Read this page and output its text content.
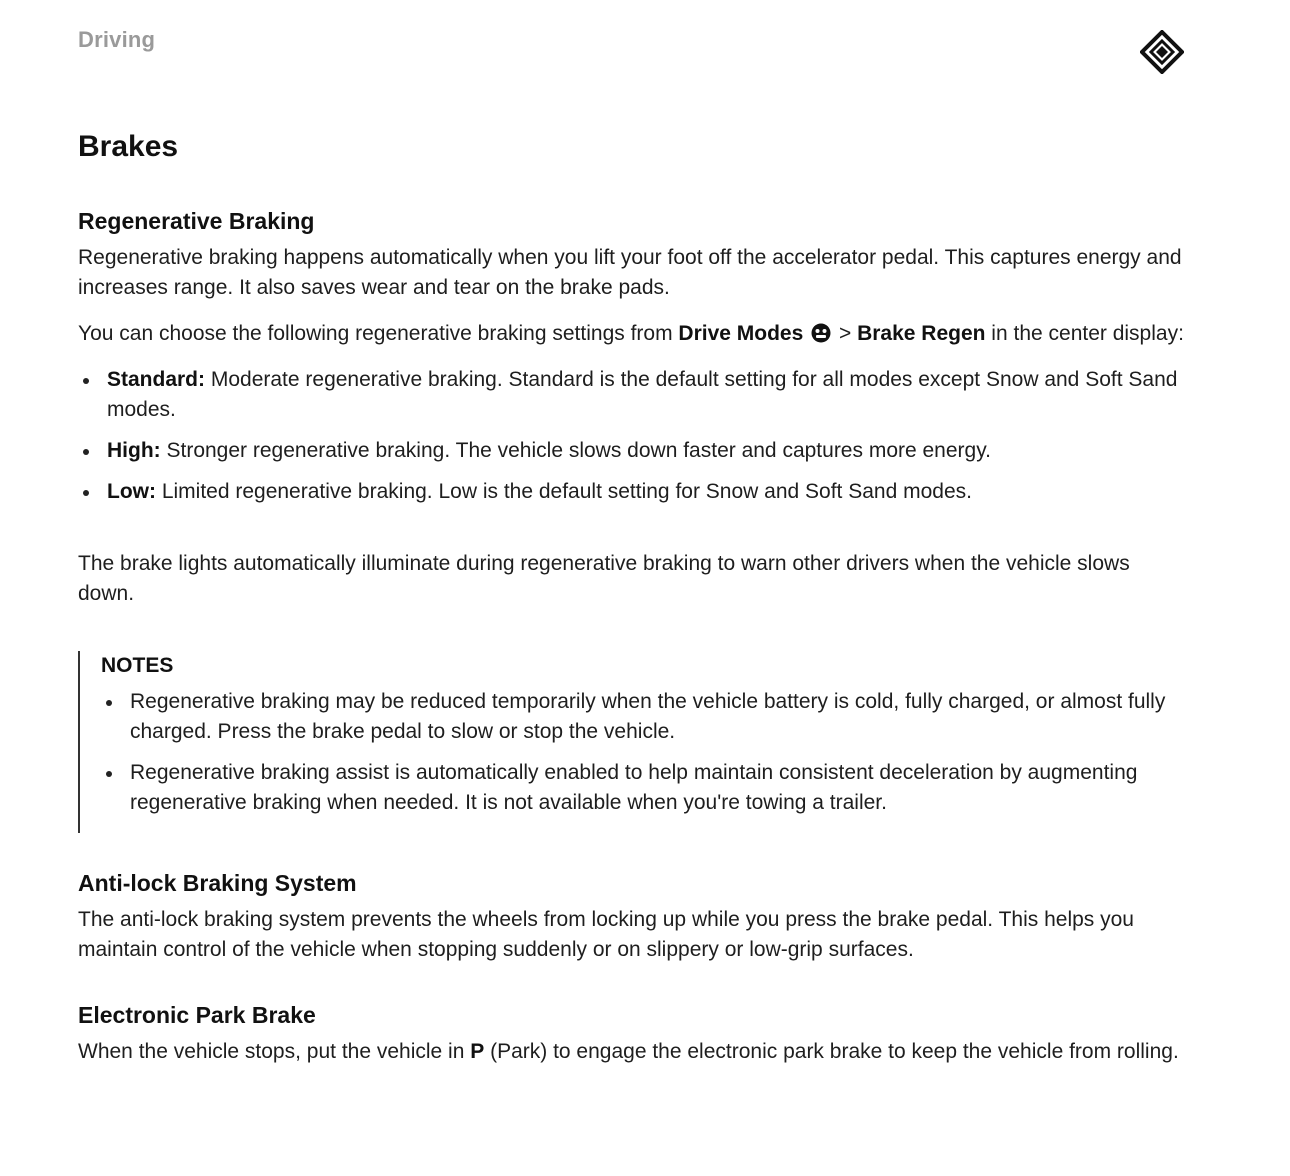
Driving
Brakes
Regenerative Braking

Regenerative braking happens automatically when you lift your foot off the accelerator pedal. This captures energy and increases range. It also saves wear and tear on the brake pads.

You can choose the following regenerative braking settings from Drive Modes  > Brake Regen in the center display:

Standard: Moderate regenerative braking. Standard is the default setting for all modes except Snow and Soft Sand modes.
High: Stronger regenerative braking. The vehicle slows down faster and captures more energy.
Low: Limited regenerative braking. Low is the default setting for Snow and Soft Sand modes.

The brake lights automatically illuminate during regenerative braking to warn other drivers when the vehicle slows down.

NOTES
Regenerative braking may be reduced temporarily when the vehicle battery is cold, fully charged, or almost fully charged. Press the brake pedal to slow or stop the vehicle.
Regenerative braking assist is automatically enabled to help maintain consistent deceleration by augmenting regenerative braking when needed. It is not available when you're towing a trailer.
Anti-lock Braking System

The anti-lock braking system prevents the wheels from locking up while you press the brake pedal. This helps you maintain control of the vehicle when stopping suddenly or on slippery or low-grip surfaces.

Electronic Park Brake

When the vehicle stops, put the vehicle in P (Park) to engage the electronic park brake to keep the vehicle from rolling.
